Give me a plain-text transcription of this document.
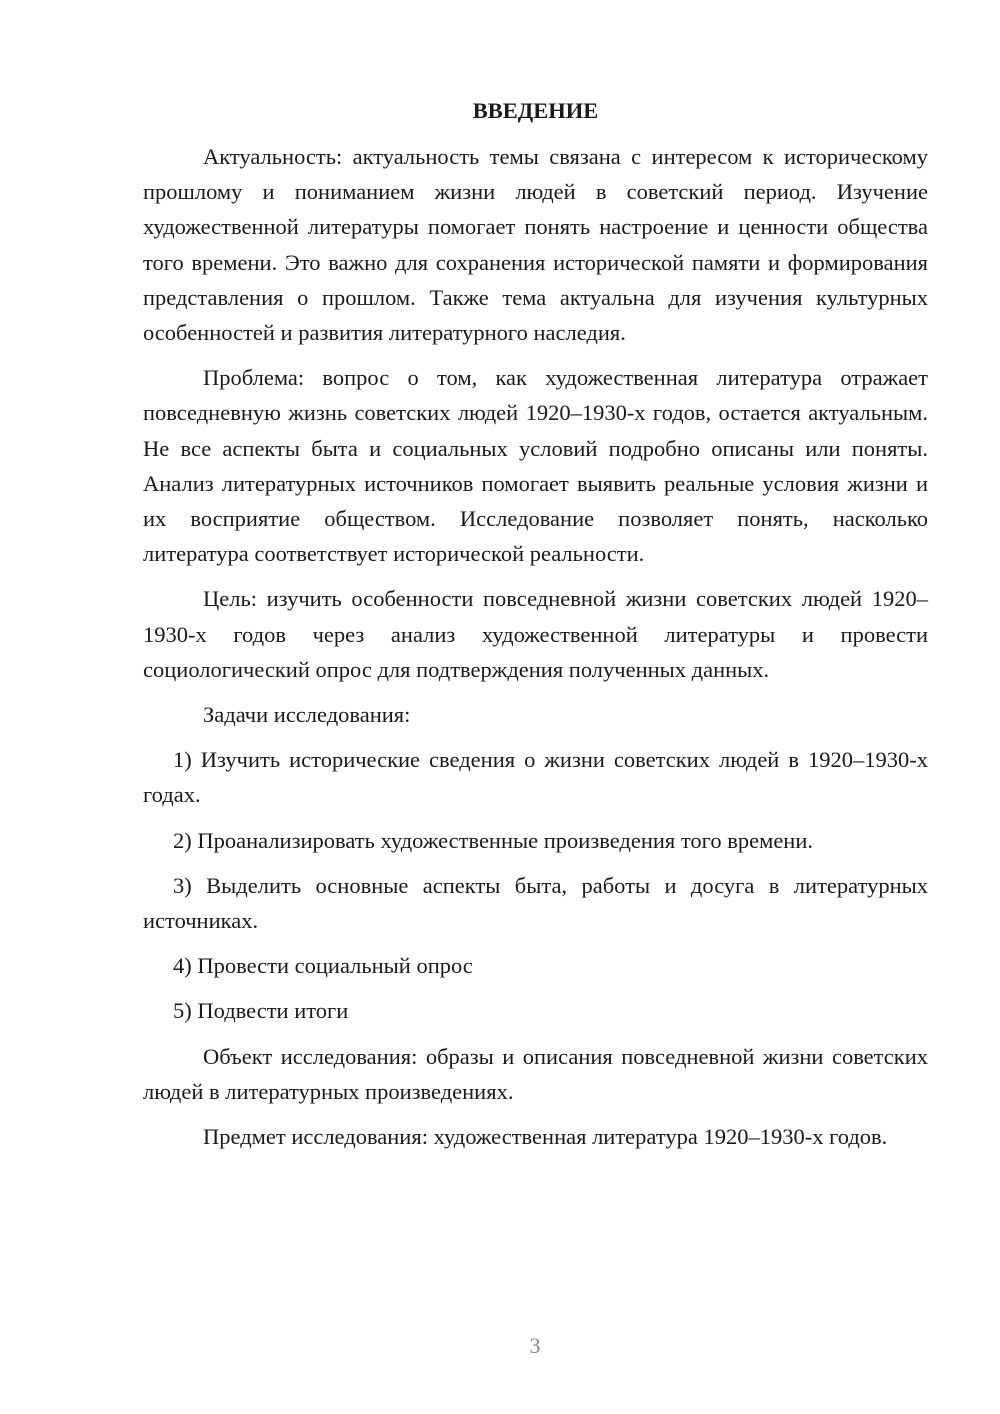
ВВЕДЕНИЕ

Актуальность: актуальность темы связана с интересом к историческому прошлому и пониманием жизни людей в советский период. Изучение художественной литературы помогает понять настроение и ценности общества того времени. Это важно для сохранения исторической памяти и формирования представления о прошлом. Также тема актуальна для изучения культурных особенностей и развития литературного наследия.

Проблема: вопрос о том, как художественная литература отражает повседневную жизнь советских людей 1920–1930-х годов, остается актуальным. Не все аспекты быта и социальных условий подробно описаны или поняты. Анализ литературных источников помогает выявить реальные условия жизни и их восприятие обществом. Исследование позволяет понять, насколько литература соответствует исторической реальности.

Цель: изучить особенности повседневной жизни советских людей 1920–1930-х годов через анализ художественной литературы и провести социологический опрос для подтверждения полученных данных.

Задачи исследования:

1) Изучить исторические сведения о жизни советских людей в 1920–1930-х годах.

2) Проанализировать художественные произведения того времени.

3) Выделить основные аспекты быта, работы и досуга в литературных источниках.

4) Провести социальный опрос

5) Подвести итоги

Объект исследования: образы и описания повседневной жизни советских людей в литературных произведениях.

Предмет исследования: художественная литература 1920–1930-х годов.

3
